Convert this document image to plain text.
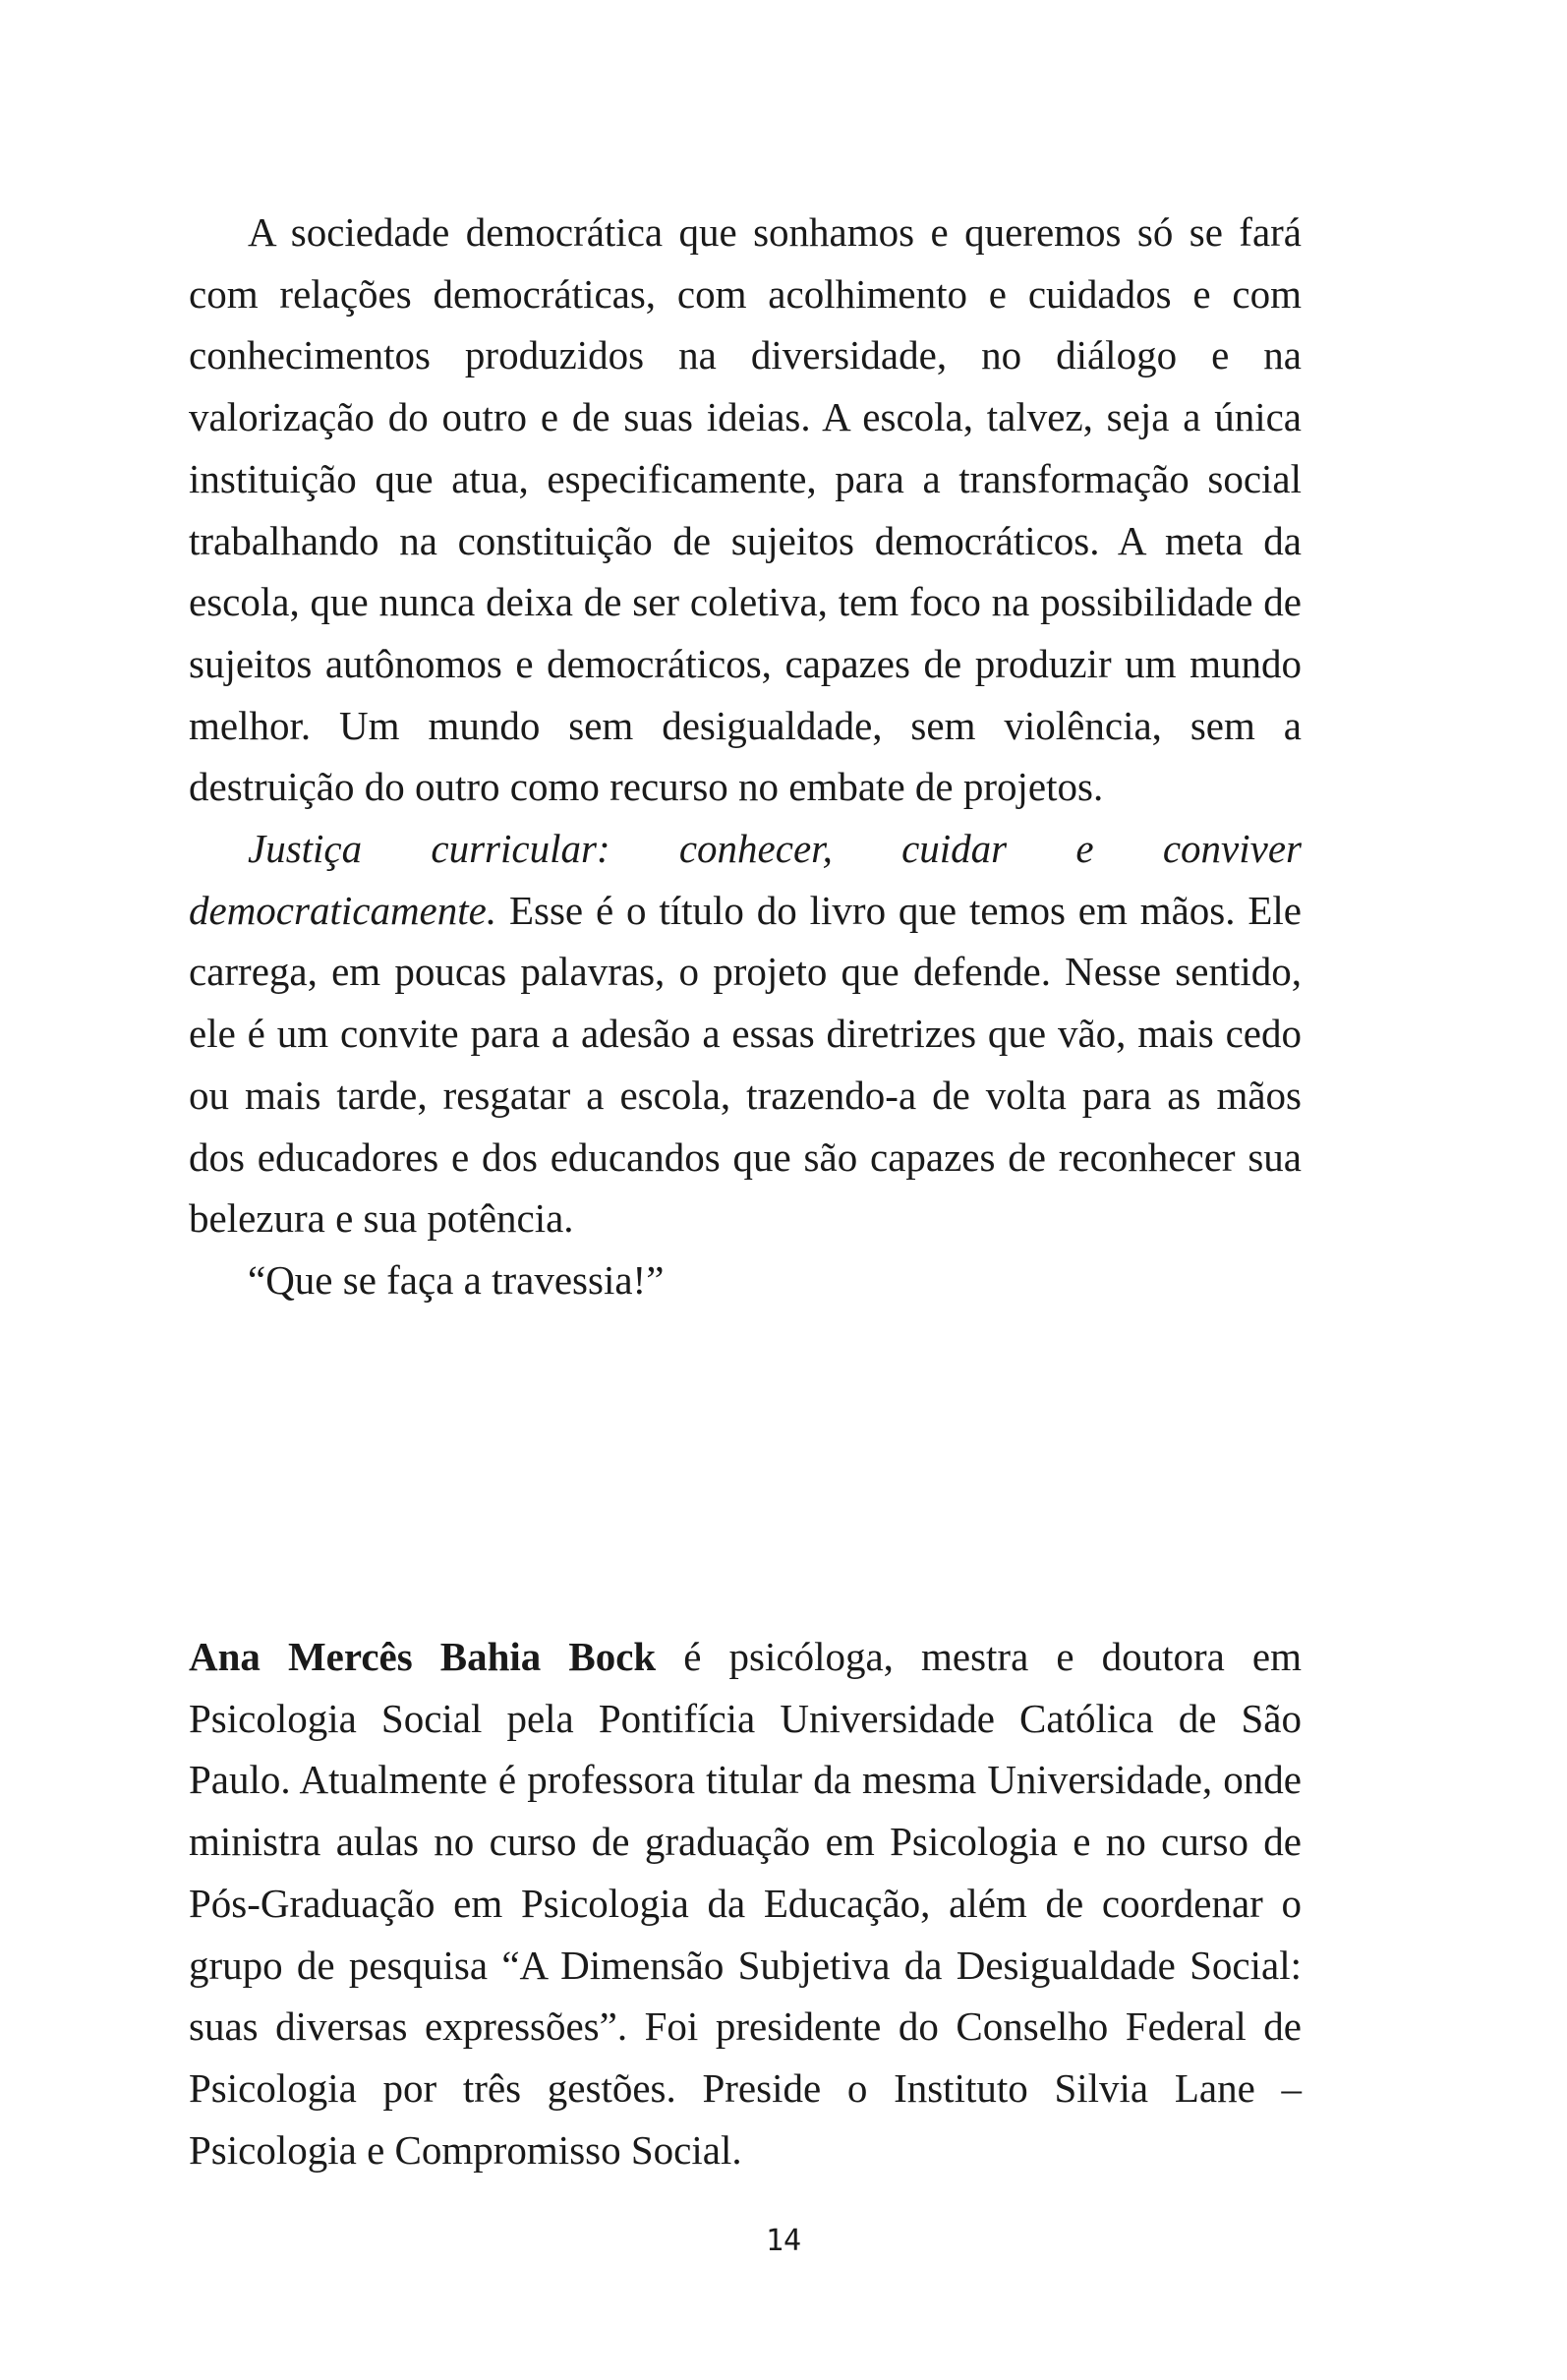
A sociedade democrática que sonhamos e queremos só se fará com relações democráticas, com acolhimento e cuidados e com conhecimentos produzidos na diversidade, no diálogo e na valorização do outro e de suas ideias. A escola, talvez, seja a única instituição que atua, especificamente, para a transformação social trabalhando na constituição de sujeitos democráticos. A meta da escola, que nunca deixa de ser coletiva, tem foco na possibilidade de sujeitos autônomos e democráticos, capazes de produzir um mundo melhor. Um mundo sem desigualdade, sem violência, sem a destruição do outro como recurso no embate de projetos.

Justiça curricular: conhecer, cuidar e conviver democraticamente. Esse é o título do livro que temos em mãos. Ele carrega, em poucas palavras, o projeto que defende. Nesse sentido, ele é um convite para a adesão a essas diretrizes que vão, mais cedo ou mais tarde, resgatar a escola, trazendo-a de volta para as mãos dos educadores e dos educandos que são capazes de reconhecer sua belezura e sua potência.

“Que se faça a travessia!”

Ana Mercês Bahia Bock é psicóloga, mestra e doutora em Psicologia Social pela Pontifícia Universidade Católica de São Paulo. Atualmente é professora titular da mesma Universidade, onde ministra aulas no curso de graduação em Psicologia e no curso de Pós-Graduação em Psicologia da Educação, além de coordenar o grupo de pesquisa “A Dimensão Subjetiva da Desigualdade Social: suas diversas expressões”. Foi presidente do Conselho Federal de Psicologia por três gestões. Preside o Instituto Silvia Lane – Psicologia e Compromisso Social.

14
